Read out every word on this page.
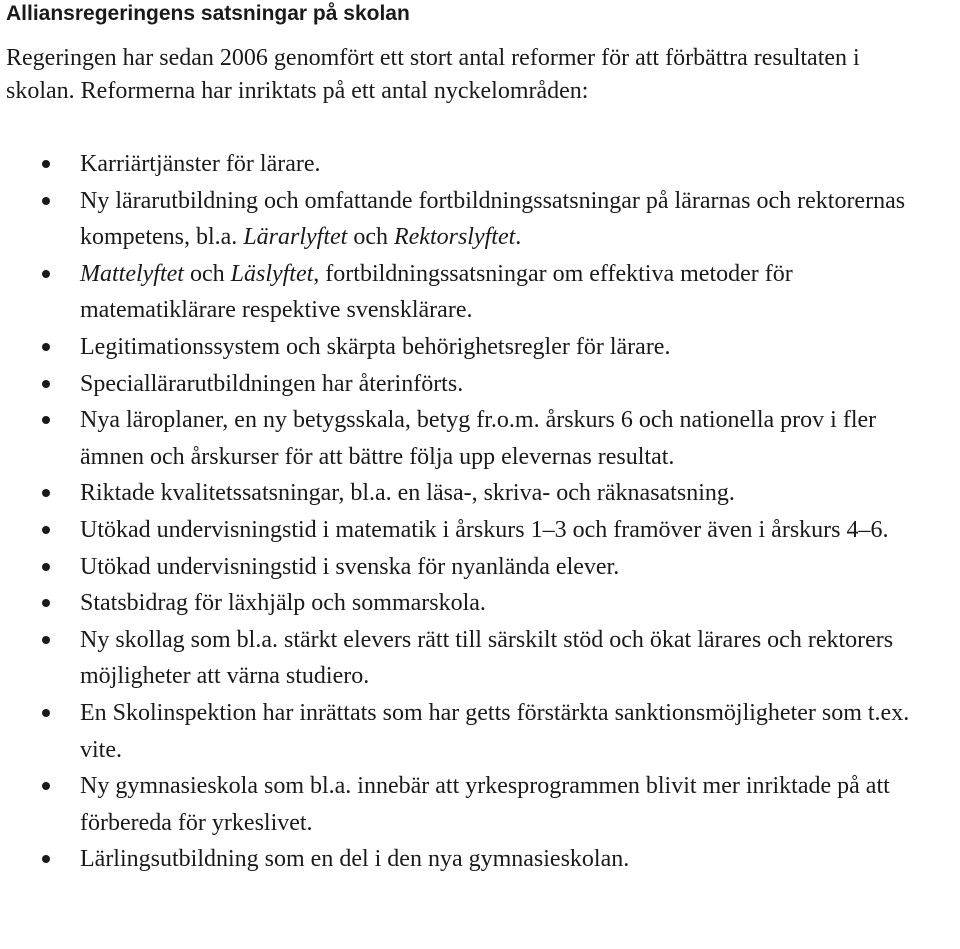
Alliansregeringens satsningar på skolan

Regeringen har sedan 2006 genomfört ett stort antal reformer för att förbättra resultaten i skolan. Reformerna har inriktats på ett antal nyckelområden:

Karriärtjänster för lärare.
Ny lärarutbildning och omfattande fortbildningssatsningar på lärarnas och rektorernas kompetens, bl.a. Lärarlyftet och Rektorslyftet.
Mattelyftet och Läslyftet, fortbildningssatsningar om effektiva metoder för matematiklärare respektive svensklärare.
Legitimationssystem och skärpta behörighetsregler för lärare.
Speciallärarutbildningen har återinförts.
Nya läroplaner, en ny betygsskala, betyg fr.o.m. årskurs 6 och nationella prov i fler ämnen och årskurser för att bättre följa upp elevernas resultat.
Riktade kvalitetssatsningar, bl.a. en läsa-, skriva- och räknasatsning.
Utökad undervisningstid i matematik i årskurs 1–3 och framöver även i årskurs 4–6.
Utökad undervisningstid i svenska för nyanlända elever.
Statsbidrag för läxhjälp och sommarskola.
Ny skollag som bl.a. stärkt elevers rätt till särskilt stöd och ökat lärares och rektorers möjligheter att värna studiero.
En Skolinspektion har inrättats som har getts förstärkta sanktionsmöjligheter som t.ex. vite.
Ny gymnasieskola som bl.a. innebär att yrkesprogrammen blivit mer inriktade på att förbereda för yrkeslivet.
Lärlingsutbildning som en del i den nya gymnasieskolan.
